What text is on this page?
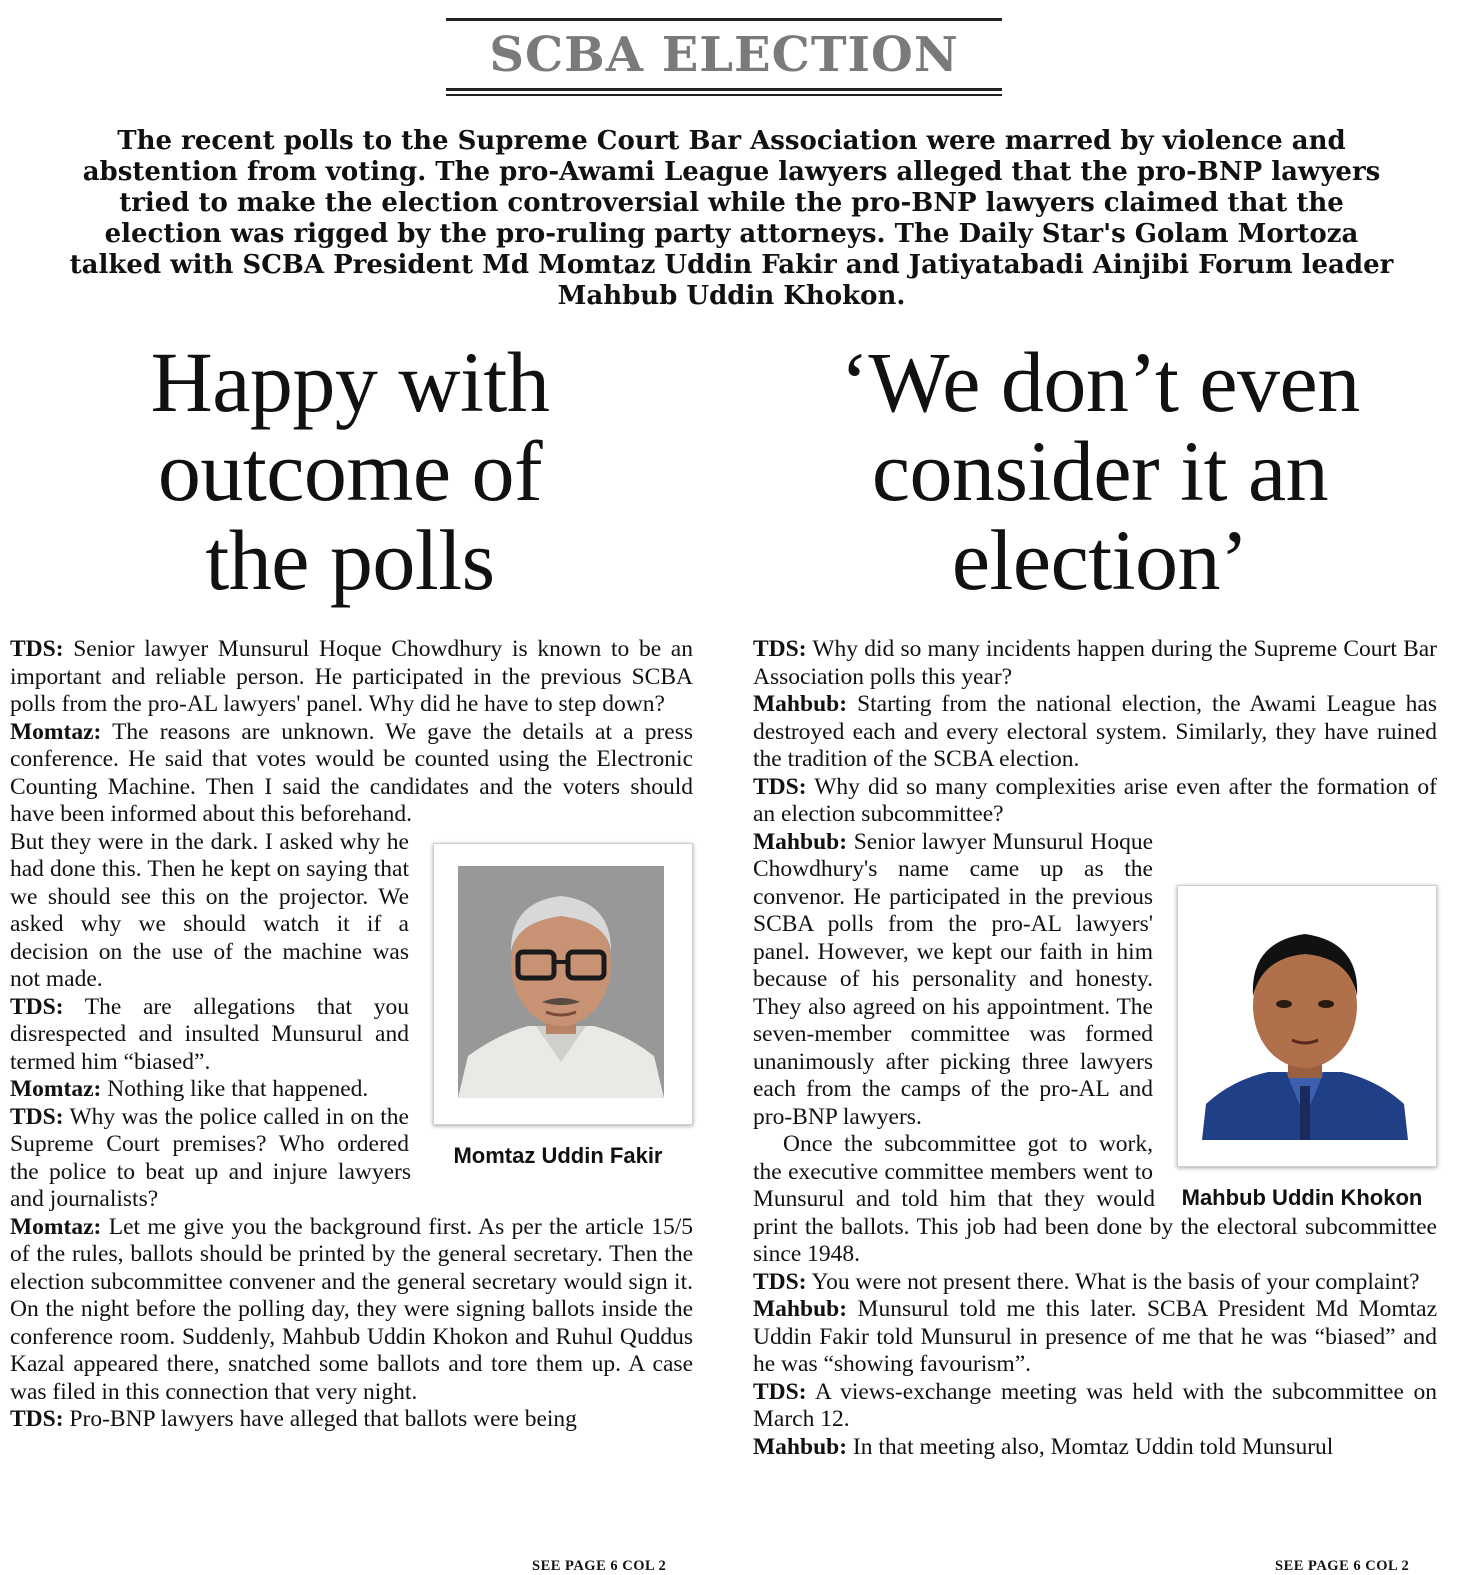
SCBA ELECTION
The recent polls to the Supreme Court Bar Association were marred by violence and abstention from voting. The pro-Awami League lawyers alleged that the pro-BNP lawyers tried to make the election controversial while the pro-BNP lawyers claimed that the election was rigged by the pro-ruling party attorneys. The Daily Star's Golam Mortoza talked with SCBA President Md Momtaz Uddin Fakir and Jatiyatabadi Ainjibi Forum leader Mahbub Uddin Khokon.
Happy with
outcome of
the polls
‘We don’t even
consider it an
election’

TDS: Senior lawyer Munsurul Hoque Chowdhury is known to be an important and reliable person. He participated in the previous SCBA polls from the pro-AL lawyers' panel. Why did he have to step down?

Momtaz: The reasons are unknown. We gave the details at a press conference. He said that votes would be counted using the Electronic Counting Machine. Then I said the candidates and the voters should have been informed about this beforehand.

Momtaz Uddin Fakir

But they were in the dark. I asked why he had done this. Then he kept on saying that we should see this on the projector. We asked why we should watch it if a decision on the use of the machine was not made.

TDS: The are allegations that you disrespected and insulted Munsurul and termed him “biased”.

Momtaz: Nothing like that happened.

TDS: Why was the police called in on the Supreme Court premises? Who ordered the police to beat up and injure lawyers and journalists?

Momtaz: Let me give you the background first. As per the article 15/5 of the rules, ballots should be printed by the general secretary. Then the election subcommittee convener and the general secretary would sign it. On the night before the polling day, they were signing ballots inside the conference room. Suddenly, Mahbub Uddin Khokon and Ruhul Quddus Kazal appeared there, snatched some ballots and tore them up. A case was filed in this connection that very night.

TDS: Pro-BNP lawyers have alleged that ballots were being

TDS: Why did so many incidents happen during the Supreme Court Bar Association polls this year?

Mahbub: Starting from the national election, the Awami League has destroyed each and every electoral system. Similarly, they have ruined the tradition of the SCBA election.

TDS: Why did so many complexities arise even after the formation of an election subcommittee?

Mahbub Uddin Khokon

Mahbub: Senior lawyer Munsurul Hoque Chowdhury's name came up as the convenor. He participated in the previous SCBA polls from the pro-AL lawyers' panel. However, we kept our faith in him because of his personality and honesty. They also agreed on his appointment. The seven-member committee was formed unanimously after picking three lawyers each from the camps of the pro-AL and pro-BNP lawyers.

Once the subcommittee got to work, the executive committee members went to Munsurul and told him that they would print the ballots. This job had been done by the electoral subcommittee since 1948.

TDS: You were not present there. What is the basis of your complaint?

Mahbub: Munsurul told me this later. SCBA President Md Momtaz Uddin Fakir told Munsurul in presence of me that he was “biased” and he was “showing favourism”.

TDS: A views-exchange meeting was held with the subcommittee on March 12.

Mahbub: In that meeting also, Momtaz Uddin told Munsurul

SEE PAGE 6 COL 2	SEE PAGE 6 COL 2
